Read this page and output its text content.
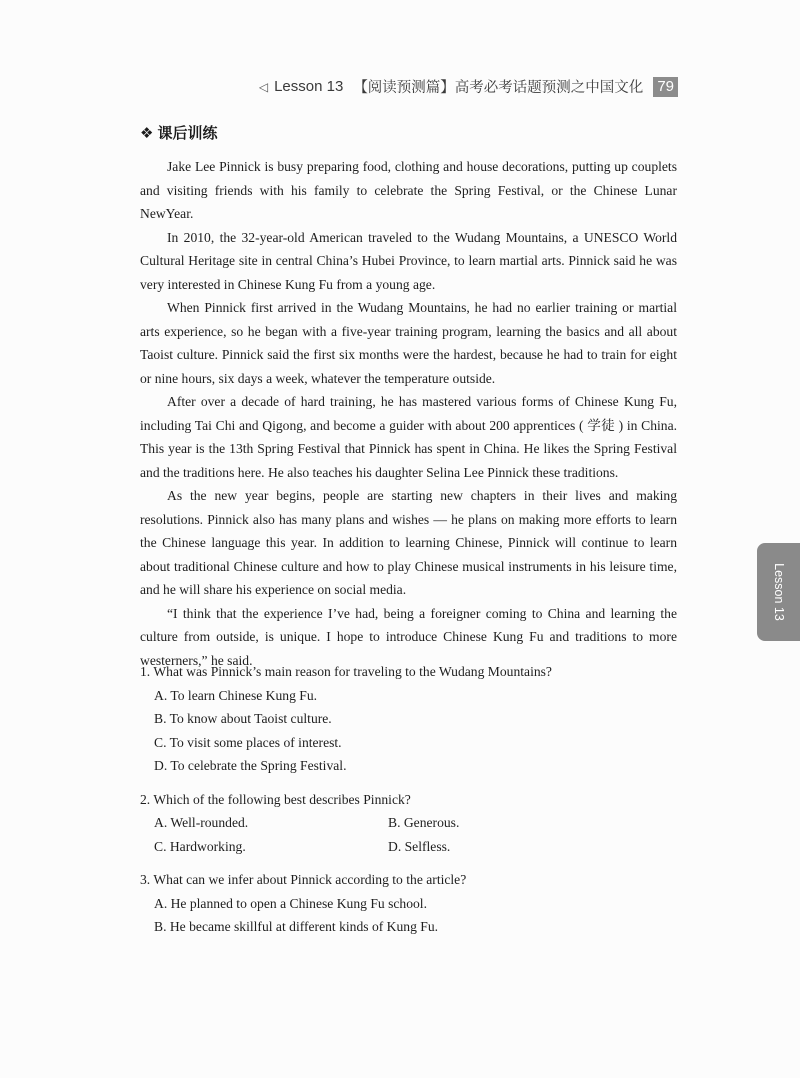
◁ Lesson 13 【阅读预测篇】高考必考话题预测之中国文化 79
❖ 课后训练

Jake Lee Pinnick is busy preparing food, clothing and house decorations, putting up couplets and visiting friends with his family to celebrate the Spring Festival, or the Chinese Lunar NewYear.

In 2010, the 32-year-old American traveled to the Wudang Mountains, a UNESCO World Cultural Heritage site in central China’s Hubei Province, to learn martial arts. Pinnick said he was very interested in Chinese Kung Fu from a young age.

When Pinnick first arrived in the Wudang Mountains, he had no earlier training or martial arts experience, so he began with a five-year training program, learning the basics and all about Taoist culture. Pinnick said the first six months were the hardest, because he had to train for eight or nine hours, six days a week, whatever the temperature outside.

After over a decade of hard training, he has mastered various forms of Chinese Kung Fu, including Tai Chi and Qigong, and become a guider with about 200 apprentices ( 学徒 ) in China. This year is the 13th Spring Festival that Pinnick has spent in China. He likes the Spring Festival and the traditions here. He also teaches his daughter Selina Lee Pinnick these traditions.

As the new year begins, people are starting new chapters in their lives and making resolutions. Pinnick also has many plans and wishes — he plans on making more efforts to learn the Chinese language this year. In addition to learning Chinese, Pinnick will continue to learn about traditional Chinese culture and how to play Chinese musical instruments in his leisure time, and he will share his experience on social media.

“I think that the experience I’ve had, being a foreigner coming to China and learning the culture from outside, is unique. I hope to introduce Chinese Kung Fu and traditions to more westerners,” he said.

1. What was Pinnick’s main reason for traveling to the Wudang Mountains?

A. To learn Chinese Kung Fu.
B. To know about Taoist culture.
C. To visit some places of interest.
D. To celebrate the Spring Festival.

2. Which of the following best describes Pinnick?

A. Well-rounded.	B. Generous.
C. Hardworking.	D. Selfless.

3. What can we infer about Pinnick according to the article?

A. He planned to open a Chinese Kung Fu school.
B. He became skillful at different kinds of Kung Fu.
Lesson 13
